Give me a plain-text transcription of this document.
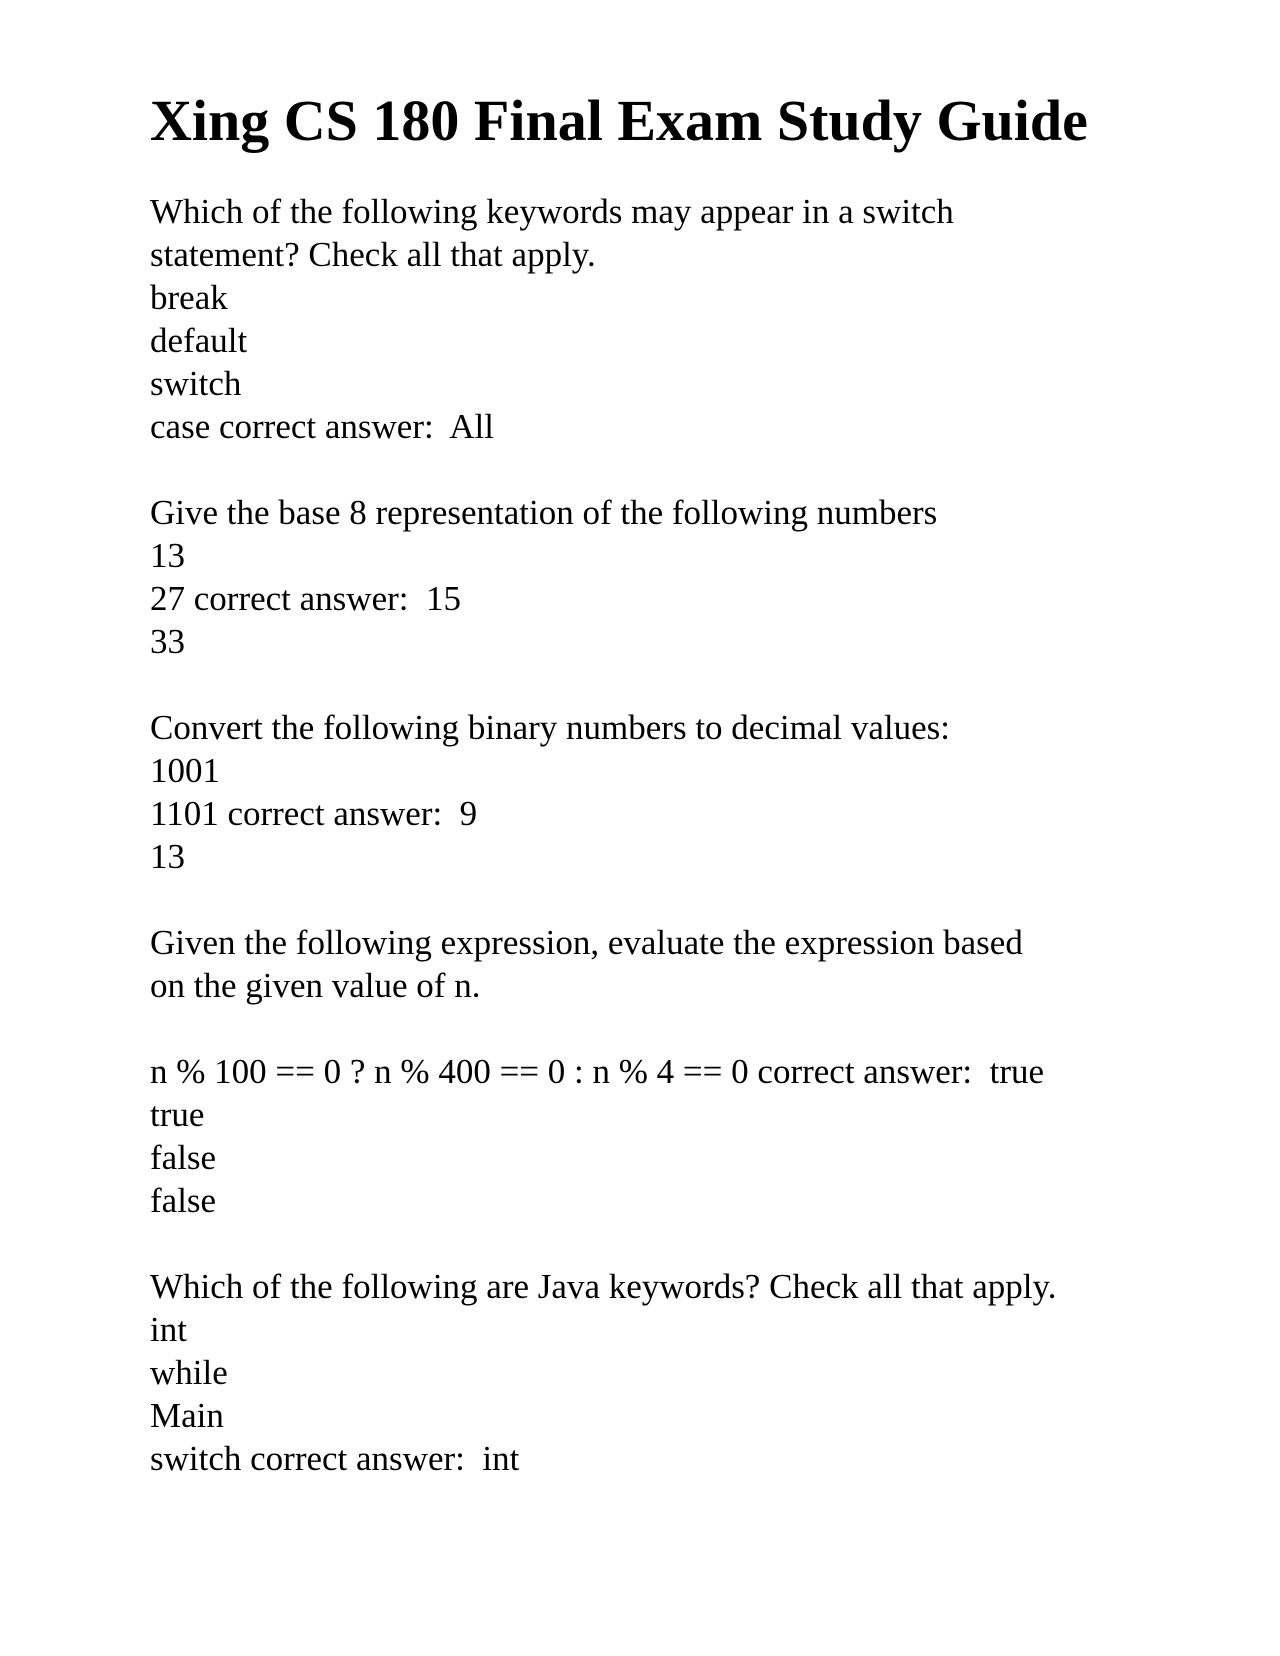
Xing CS 180 Final Exam Study Guide
Which of the following keywords may appear in a switch
statement? Check all that apply.
break
default
switch
case correct answer:  All
Give the base 8 representation of the following numbers
13
27 correct answer:  15
33
Convert the following binary numbers to decimal values:
1001
1101 correct answer:  9
13
Given the following expression, evaluate the expression based
on the given value of n.
n % 100 == 0 ? n % 400 == 0 : n % 4 == 0 correct answer:  true
true
false
false
Which of the following are Java keywords? Check all that apply.
int
while
Main
switch correct answer:  int
